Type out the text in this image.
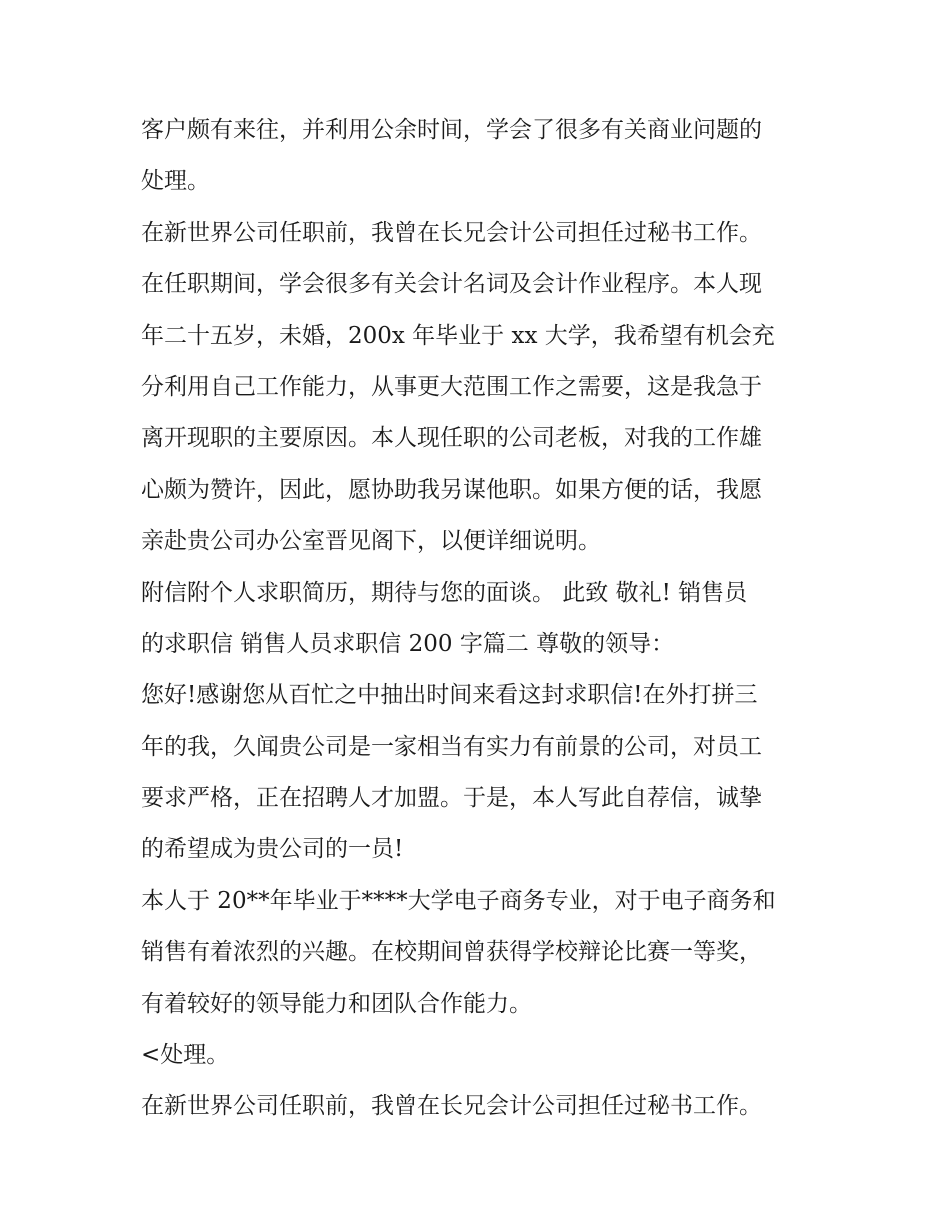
客户颇有来往，并利用公余时间，学会了很多有关商业问题的
处理。
在新世界公司任职前，我曾在长兄会计公司担任过秘书工作。
在任职期间，学会很多有关会计名词及会计作业程序。本人现
年二十五岁，未婚，200x 年毕业于 xx 大学，我希望有机会充
分利用自己工作能力，从事更大范围工作之需要，这是我急于
离开现职的主要原因。本人现任职的公司老板，对我的工作雄
心颇为赞许，因此，愿协助我另谋他职。如果方便的话，我愿
亲赴贵公司办公室晋见阁下，以便详细说明。
附信附个人求职简历，期待与您的面谈。 此致 敬礼! 销售员
的求职信 销售人员求职信 200 字篇二 尊敬的领导：
您好!感谢您从百忙之中抽出时间来看这封求职信!在外打拼三
年的我，久闻贵公司是一家相当有实力有前景的公司，对员工
要求严格，正在招聘人才加盟。于是，本人写此自荐信，诚挚
的希望成为贵公司的一员!
本人于 20**年毕业于****大学电子商务专业，对于电子商务和
销售有着浓烈的兴趣。在校期间曾获得学校辩论比赛一等奖，
有着较好的领导能力和团队合作能力。
<处理。
在新世界公司任职前，我曾在长兄会计公司担任过秘书工作。
